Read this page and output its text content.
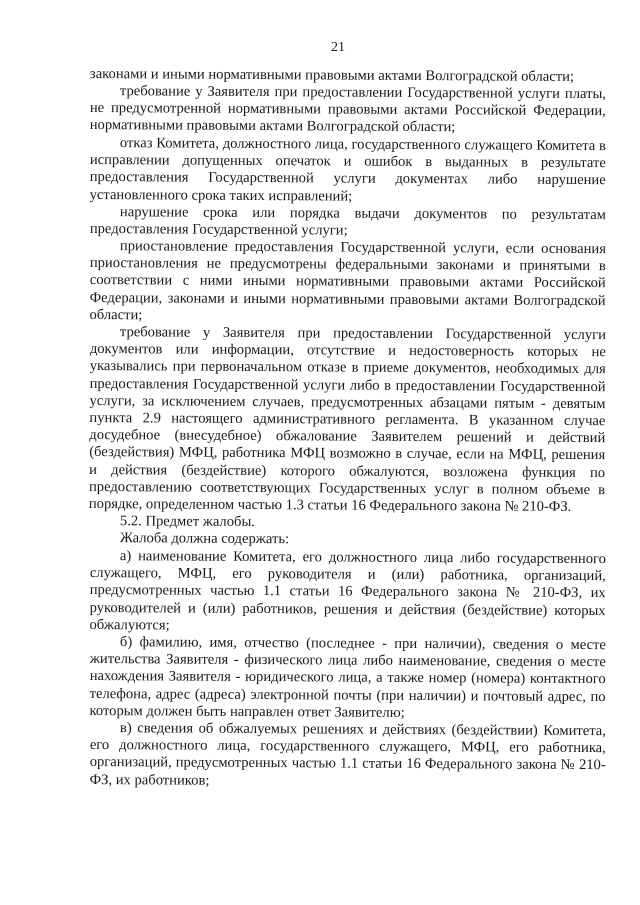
21

законами и иными нормативными правовыми актами Волгоградской области;

требование у Заявителя при предоставлении Государственной услуги платы, не предусмотренной нормативными правовыми актами Российской Федерации, нормативными правовыми актами Волгоградской области;

отказ Комитета, должностного лица, государственного служащего Комитета в исправлении допущенных опечаток и ошибок в выданных в результате предоставления Государственной услуги документах либо нарушение установленного срока таких исправлений;

нарушение срока или порядка выдачи документов по результатам предоставления Государственной услуги;

приостановление предоставления Государственной услуги, если основания приостановления не предусмотрены федеральными законами и принятыми в соответствии с ними иными нормативными правовыми актами Российской Федерации, законами и иными нормативными правовыми актами Волгоградской области;

требование у Заявителя при предоставлении Государственной услуги документов или информации, отсутствие и недостоверность которых не указывались при первоначальном отказе в приеме документов, необходимых для предоставления Государственной услуги либо в предоставлении Государственной услуги, за исключением случаев, предусмотренных абзацами пятым - девятым пункта 2.9 настоящего административного регламента. В указанном случае досудебное (внесудебное) обжалование Заявителем решений и действий (бездействия) МФЦ, работника МФЦ возможно в случае, если на МФЦ, решения и действия (бездействие) которого обжалуются, возложена функция по предоставлению соответствующих Государственных услуг в полном объеме в порядке, определенном частью 1.3 статьи 16 Федерального закона № 210-ФЗ.

5.2. Предмет жалобы.

Жалоба должна содержать:

а) наименование Комитета, его должностного лица либо государственного служащего, МФЦ, его руководителя и (или) работника, организаций, предусмотренных частью 1.1 статьи 16 Федерального закона № 210-ФЗ, их руководителей и (или) работников, решения и действия (бездействие) которых обжалуются;

б) фамилию, имя, отчество (последнее - при наличии), сведения о месте жительства Заявителя - физического лица либо наименование, сведения о месте нахождения Заявителя - юридического лица, а также номер (номера) контактного телефона, адрес (адреса) электронной почты (при наличии) и почтовый адрес, по которым должен быть направлен ответ Заявителю;

в) сведения об обжалуемых решениях и действиях (бездействии) Комитета, его должностного лица, государственного служащего, МФЦ, его работника, организаций, предусмотренных частью 1.1 статьи 16 Федерального закона № 210-ФЗ, их работников;
